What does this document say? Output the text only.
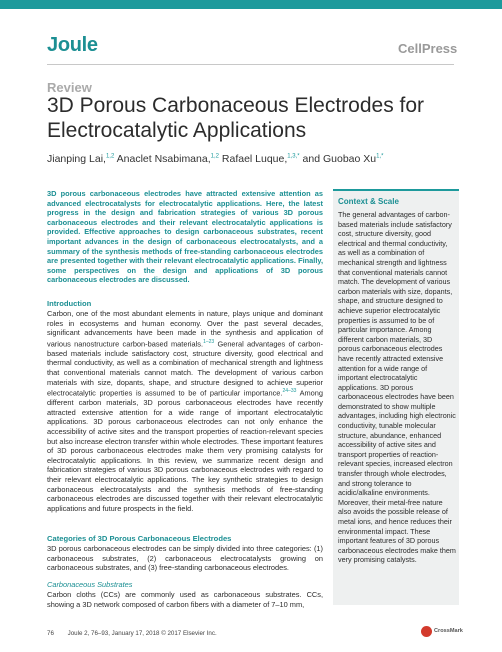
Joule	CellPress
Review
3D Porous Carbonaceous Electrodes for Electrocatalytic Applications
Jianping Lai,$^{1,2}$ Anaclet Nsabimana,$^{1,2}$ Rafael Luque,$^{1,3,*}$ and Guobao $Xu^{1,*}$
3D porous carbonaceous electrodes have attracted extensive attention as advanced electrocatalysts for electrocatalytic applications. Here, the latest progress in the design and fabrication strategies of various 3D porous carbonaceous electrodes and their relevant electrocatalytic applications is provided. Effective approaches to design carbonaceous substrates, recent important advances in the design of carbonaceous electrocatalysts, and a summary of the synthesis methods of free-standing carbonaceous electrodes are presented together with their relevant electrocatalytic applications. Finally, some perspectives on the design and applications of 3D porous carbonaceous electrodes are discussed.
Introduction
Carbon, one of the most abundant elements in nature, plays unique and dominant roles in ecosystems and human economy. Over the past several decades, significant advancements have been made in the synthesis and application of various nanostructure carbon-based materials.$^{1-23}$ General advantages of carbon-based materials include satisfactory cost, structure diversity, good electrical and thermal conductivity, as well as a combination of mechanical strength and lightness that conventional materials cannot match. The development of various carbon materials with size, dopants, shape, and structure designed to achieve superior electrocatalytic properties is assumed to be of particular importance.$^{24-33}$ Among different carbon materials, 3D porous carbonaceous electrodes have recently attracted extensive attention for a wide range of important electrocatalytic applications. 3D porous carbonaceous electrodes can not only enhance the accessibility of active sites and the transport properties of reaction-relevant species but also increase electron transfer within whole electrodes. These important features of 3D porous carbonaceous electrodes make them very promising catalysts for electrocatalytic applications. In this review, we summarize recent design and fabrication strategies of various 3D porous carbonaceous electrodes with regard to their relevant electrocatalytic applications. The key synthetic strategies to design carbonaceous electrocatalysts and the synthesis methods of free-standing carbonaceous electrodes are discussed together with their relevant electrocatalytic applications and future prospects in the field.
Categories of 3D Porous Carbonaceous Electrodes
3D porous carbonaceous electrodes can be simply divided into three categories: (1) carbonaceous substrates, (2) carbonaceous electrocatalysts growing on carbonaceous substrates, and (3) free-standing carbonaceous electrodes.
Carbonaceous Substrates
Carbon cloths (CCs) are commonly used as carbonaceous substrates. CCs, showing a 3D network composed of carbon fibers with a diameter of 7–10 mm,
Context & Scale
The general advantages of carbon-based materials include satisfactory cost, structure diversity, good electrical and thermal conductivity, as well as a combination of mechanical strength and lightness that conventional materials cannot match. The development of various carbon materials with size, dopants, shape, and structure designed to achieve superior electrocatalytic properties is assumed to be of particular importance. Among different carbon materials, 3D porous carbonaceous electrodes have recently attracted extensive attention for a wide range of important electrocatalytic applications. 3D porous carbonaceous electrodes have been demonstrated to show multiple advantages, including high electronic conductivity, tunable molecular structure, abundance, enhanced accessibility of active sites and transport properties of reaction-relevant species, increased electron transfer through whole electrodes, and strong tolerance to acidic/alkaline environments. Moreover, their metal-free nature also avoids the possible release of metal ions, and hence reduces their environmental impact. These important features of 3D porous carbonaceous electrodes make them very promising catalysts.
76 Joule 2, 76–93, January 17, 2018 © 2017 Elsevier Inc.	CrossMark
